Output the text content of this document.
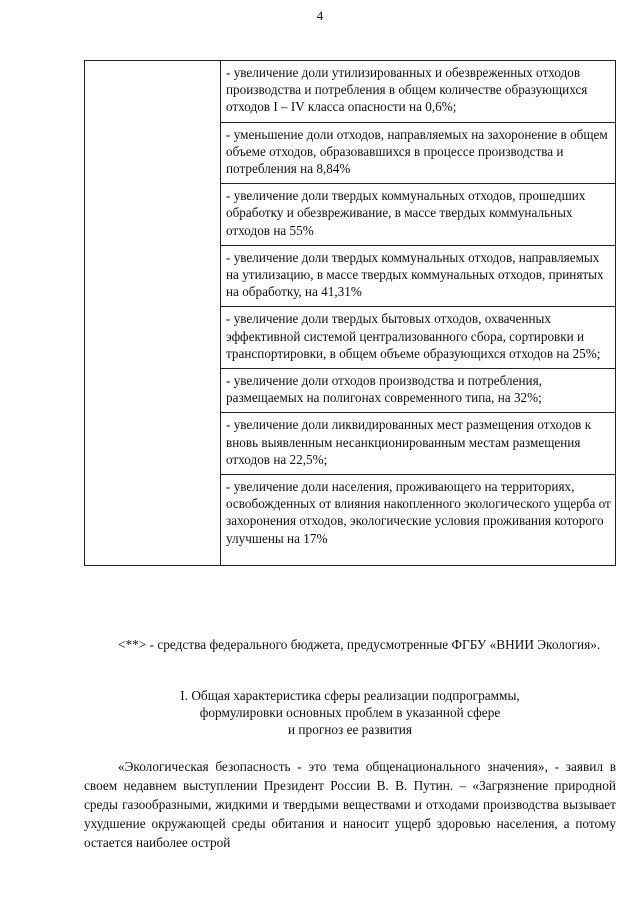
4
	- увеличение доли утилизированных и обезвреженных отходов производства и потребления в общем количестве образующихся отходов I – IV класса опасности на 0,6%;
- уменьшение доли отходов, направляемых на захоронение в общем объеме отходов, образовавшихся в процессе производства и потребления на 8,84%
- увеличение доли твердых коммунальных отходов, прошедших обработку и обезвреживание, в массе твердых коммунальных отходов на 55%
- увеличение доли твердых коммунальных отходов, направляемых на утилизацию, в массе твердых коммунальных отходов, принятых на обработку, на 41,31%
- увеличение доли твердых бытовых отходов, охваченных эффективной системой централизованного сбора, сортировки и транспортировки, в общем объеме образующихся отходов на 25%;
- увеличение доли отходов производства и потребления, размещаемых на полигонах современного типа, на 32%;
- увеличение доли ликвидированных мест размещения отходов к вновь выявленным несанкционированным местам размещения отходов на 22,5%;
- увеличение доли населения, проживающего на территориях, освобожденных от влияния накопленного экологического ущерба от захоронения отходов, экологические условия проживания которого улучшены на 17%

<**> - средства федерального бюджета, предусмотренные ФГБУ «ВНИИ Экология».

I. Общая характеристика сферы реализации подпрограммы,
формулировки основных проблем в указанной сфере
и прогноз ее развития

«Экологическая безопасность - это тема общенационального значения», - заявил в своем недавнем выступлении Президент России В. В. Путин. – «Загрязнение природной среды газообразными, жидкими и твердыми веществами и отходами производства вызывает ухудшение окружающей среды обитания и наносит ущерб здоровью населения, а потому остается наиболее острой
